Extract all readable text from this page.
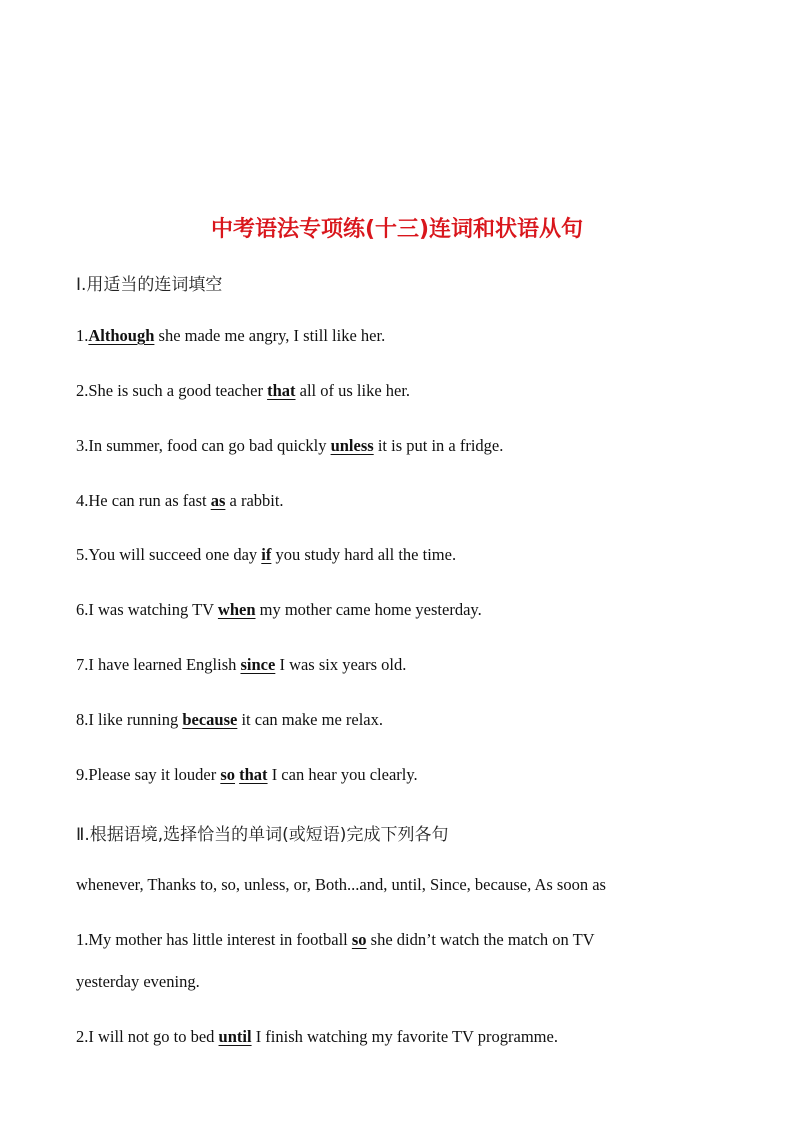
中考语法专项练(十三)连词和状语从句
Ⅰ.用适当的连词填空
1.Although she made me angry, I still like her.
2.She is such a good teacher that all of us like her.
3.In summer, food can go bad quickly unless it is put in a fridge.
4.He can run as fast as a rabbit.
5.You will succeed one day if you study hard all the time.
6.I was watching TV when my mother came home yesterday.
7.I have learned English since I was six years old.
8.I like running because it can make me relax.
9.Please say it louder so that I can hear you clearly.
Ⅱ.根据语境,选择恰当的单词(或短语)完成下列各句
whenever, Thanks to, so, unless, or, Both...and, until, Since, because, As soon as
1.My mother has little interest in football so she didn’t watch the match on TV
yesterday evening.
2.I will not go to bed until I finish watching my favorite TV programme.
